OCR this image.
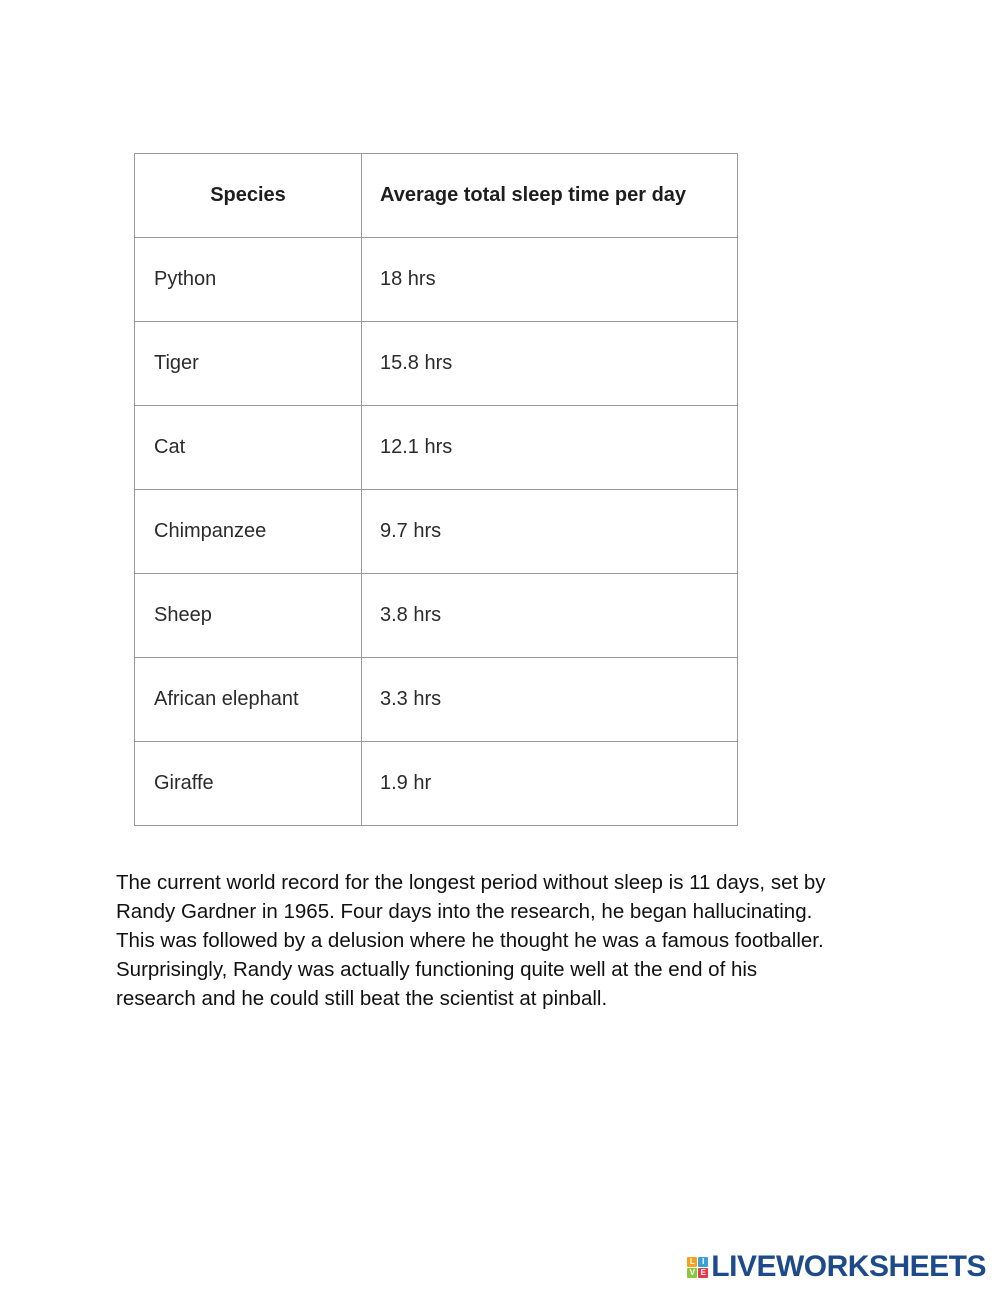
Species	Average total sleep time per day
Python	18 hrs
Tiger	15.8 hrs
Cat	12.1 hrs
Chimpanzee	9.7 hrs
Sheep	3.8 hrs
African elephant	3.3 hrs
Giraffe	1.9 hr

The current world record for the longest period without sleep is 11 days, set by
Randy Gardner in 1965. Four days into the research, he began hallucinating.
This was followed by a delusion where he thought he was a famous footballer.
Surprisingly, Randy was actually functioning quite well at the end of his
research and he could still beat the scientist at pinball.

L I
V E LIVEWORKSHEETS
